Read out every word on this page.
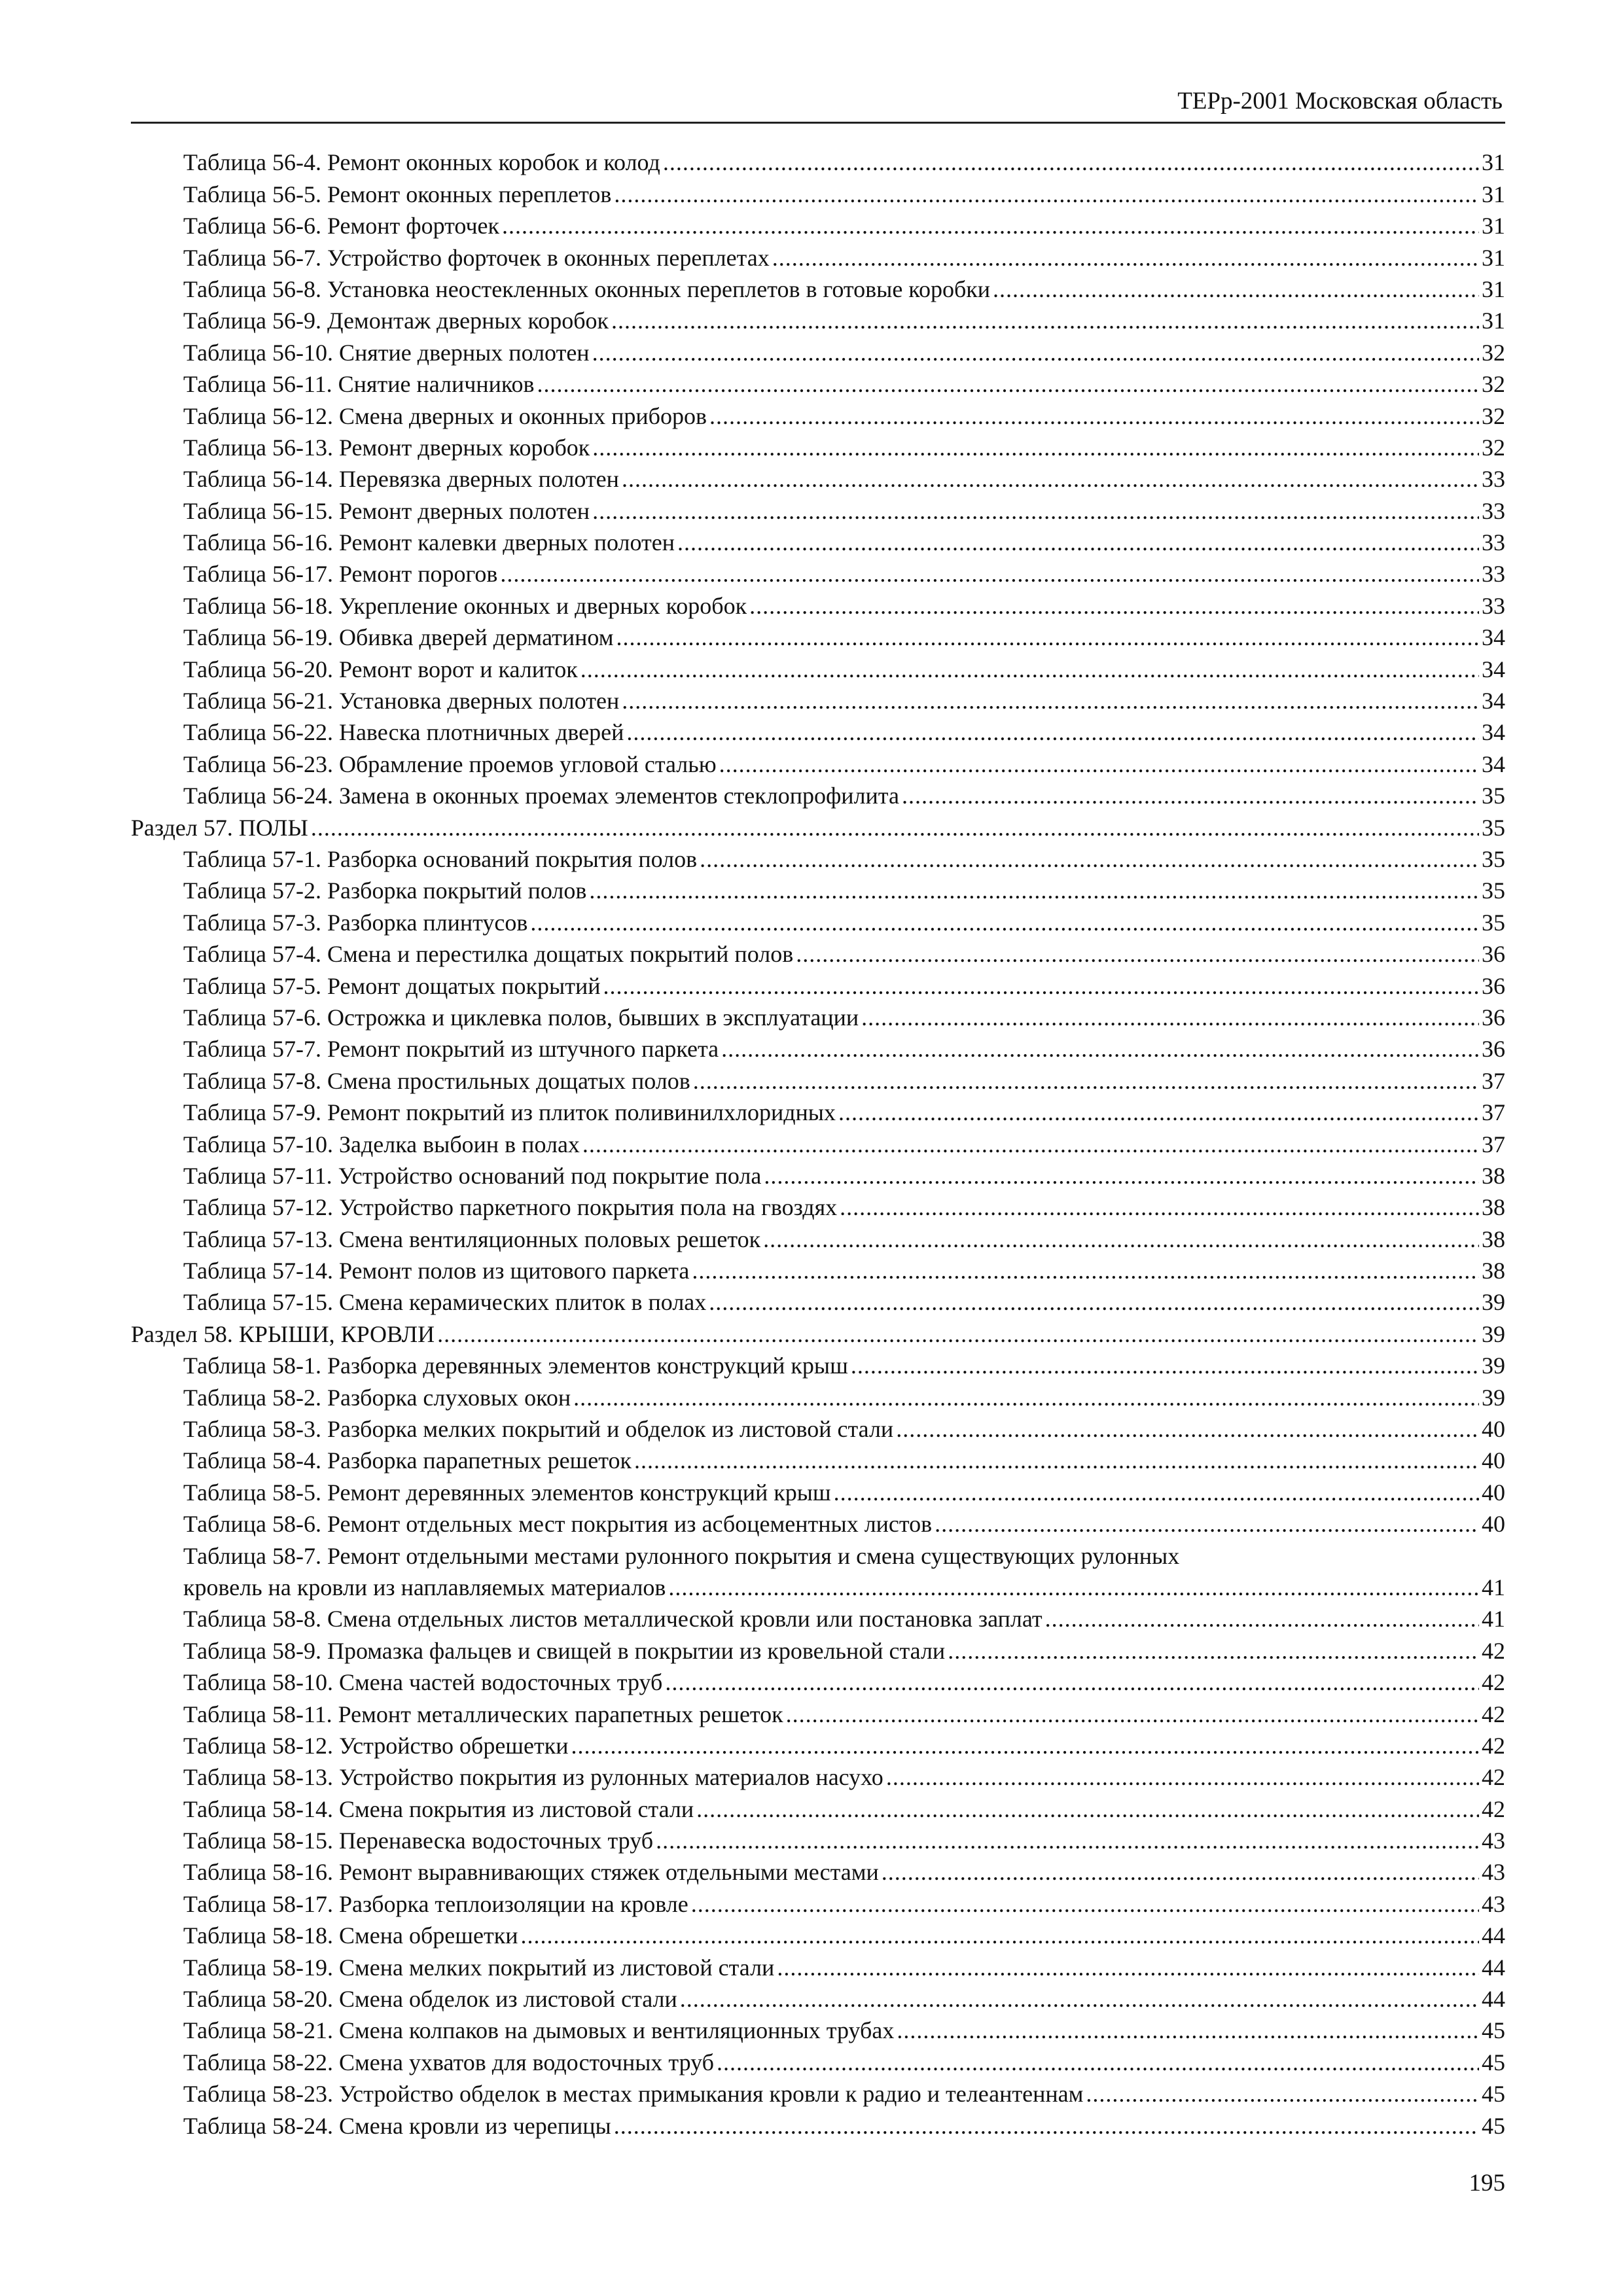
ТЕРр-2001 Московская область
Таблица 56-4. Ремонт оконных коробок и колод .....	31
Таблица 56-5. Ремонт оконных переплетов .....	31
Таблица 56-6. Ремонт форточек .....	31
Таблица 56-7. Устройство форточек в оконных переплетах .....	31
Таблица 56-8. Установка неостекленных оконных переплетов в готовые коробки .....	31
Таблица 56-9. Демонтаж дверных коробок .....	31
Таблица 56-10. Снятие дверных полотен .....	32
Таблица 56-11. Снятие наличников .....	32
Таблица 56-12. Смена дверных и оконных приборов .....	32
Таблица 56-13. Ремонт дверных коробок .....	32
Таблица 56-14. Перевязка дверных полотен .....	33
Таблица 56-15. Ремонт дверных полотен .....	33
Таблица 56-16. Ремонт калевки дверных полотен .....	33
Таблица 56-17. Ремонт порогов .....	33
Таблица 56-18. Укрепление оконных и дверных коробок .....	33
Таблица 56-19. Обивка дверей дерматином .....	34
Таблица 56-20. Ремонт ворот и калиток .....	34
Таблица 56-21. Установка дверных полотен .....	34
Таблица 56-22. Навеска плотничных дверей .....	34
Таблица 56-23. Обрамление проемов угловой сталью .....	34
Таблица 56-24. Замена в оконных проемах элементов стеклопрофилита .....	35
Раздел 57. ПОЛЫ .....	35
Таблица 57-1. Разборка оснований покрытия полов .....	35
Таблица 57-2. Разборка покрытий полов .....	35
Таблица 57-3. Разборка плинтусов .....	35
Таблица 57-4. Смена и перестилка дощатых покрытий полов .....	36
Таблица 57-5. Ремонт дощатых покрытий .....	36
Таблица 57-6. Острожка и циклевка полов, бывших в эксплуатации .....	36
Таблица 57-7. Ремонт покрытий из штучного паркета .....	36
Таблица 57-8. Смена простильных дощатых полов .....	37
Таблица 57-9. Ремонт покрытий из плиток поливинилхлоридных .....	37
Таблица 57-10. Заделка выбоин в полах .....	37
Таблица 57-11. Устройство оснований под покрытие пола .....	38
Таблица 57-12. Устройство паркетного покрытия пола на гвоздях .....	38
Таблица 57-13. Смена вентиляционных половых решеток .....	38
Таблица 57-14. Ремонт полов из щитового паркета .....	38
Таблица 57-15. Смена керамических плиток в полах .....	39
Раздел 58. КРЫШИ, КРОВЛИ .....	39
Таблица 58-1. Разборка деревянных элементов конструкций крыш .....	39
Таблица 58-2. Разборка слуховых окон .....	39
Таблица 58-3. Разборка мелких покрытий и обделок из листовой стали .....	40
Таблица 58-4. Разборка парапетных решеток .....	40
Таблица 58-5. Ремонт деревянных элементов конструкций крыш .....	40
Таблица 58-6. Ремонт отдельных мест покрытия из асбоцементных листов .....	40
Таблица 58-7. Ремонт отдельными местами рулонного покрытия и смена существующих рулонных
кровель на кровли из наплавляемых материалов .....	41
Таблица 58-8. Смена отдельных листов металлической кровли или постановка заплат .....	41
Таблица 58-9. Промазка фальцев и свищей в покрытии из кровельной стали .....	42
Таблица 58-10. Смена частей водосточных труб .....	42
Таблица 58-11. Ремонт металлических парапетных решеток .....	42
Таблица 58-12. Устройство обрешетки .....	42
Таблица 58-13. Устройство покрытия из рулонных материалов насухо .....	42
Таблица 58-14. Смена покрытия из листовой стали .....	42
Таблица 58-15. Перенавеска водосточных труб .....	43
Таблица 58-16. Ремонт выравнивающих стяжек отдельными местами .....	43
Таблица 58-17. Разборка теплоизоляции на кровле .....	43
Таблица 58-18. Смена обрешетки .....	44
Таблица 58-19. Смена мелких покрытий из листовой стали .....	44
Таблица 58-20. Смена обделок из листовой стали .....	44
Таблица 58-21. Смена колпаков на дымовых и вентиляционных трубах .....	45
Таблица 58-22. Смена ухватов для водосточных труб .....	45
Таблица 58-23. Устройство обделок в местах примыкания кровли к радио и телеантеннам .....	45
Таблица 58-24. Смена кровли из черепицы .....	45
195
